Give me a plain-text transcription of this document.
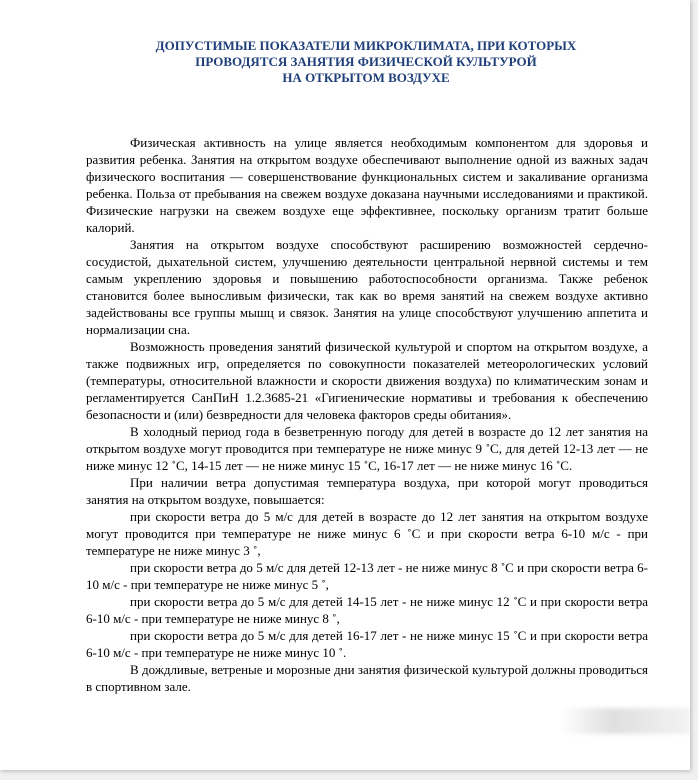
ДОПУСТИМЫЕ ПОКАЗАТЕЛИ МИКРОКЛИМАТА, ПРИ КОТОРЫХ
ПРОВОДЯТСЯ ЗАНЯТИЯ ФИЗИЧЕСКОЙ КУЛЬТУРОЙ
НА ОТКРЫТОМ ВОЗДУХЕ

Физическая активность на улице является необходимым компонентом для здоровья и развития ребенка. Занятия на открытом воздухе обеспечивают выполнение одной из важных задач физического воспитания — совершенствование функциональных систем и закаливание организма ребенка. Польза от пребывания на свежем воздухе доказана научными исследованиями и практикой. Физические нагрузки на свежем воздухе еще эффективнее, поскольку организм тратит больше калорий.

Занятия на открытом воздухе способствуют расширению возможностей сердечно-сосудистой, дыхательной систем, улучшению деятельности центральной нервной системы и тем самым укреплению здоровья и повышению работоспособности организма. Также ребенок становится более выносливым физически, так как во время занятий на свежем воздухе активно задействованы все группы мышц и связок. Занятия на улице способствуют улучшению аппетита и нормализации сна.

Возможность проведения занятий физической культурой и спортом на открытом воздухе, а также подвижных игр, определяется по совокупности показателей метеорологических условий (температуры, относительной влажности и скорости движения воздуха) по климатическим зонам и регламентируется СанПиН 1.2.3685-21 «Гигиенические нормативы и требования к обеспечению безопасности и (или) безвредности для человека факторов среды обитания».

В холодный период года в безветренную погоду для детей в возрасте до 12 лет занятия на открытом воздухе могут проводится при температуре не ниже минус 9 ˚С, для детей 12-13 лет — не ниже минус 12 ˚С, 14-15 лет — не ниже минус 15 ˚С, 16-17 лет — не ниже минус 16 ˚С.

При наличии ветра допустимая температура воздуха, при которой могут проводиться занятия на открытом воздухе, повышается:

при скорости ветра до 5 м/с для детей в возрасте до 12 лет занятия на открытом воздухе могут проводится при температуре не ниже минус 6 ˚С и при скорости ветра 6-10 м/с - при температуре не ниже минус 3 ˚,

при скорости ветра до 5 м/с для детей 12-13 лет - не ниже минус 8 ˚С и при скорости ветра 6-10 м/с - при температуре не ниже минус 5 ˚,

при скорости ветра до 5 м/с для детей 14-15 лет - не ниже минус 12 ˚С и при скорости ветра 6-10 м/с - при температуре не ниже минус 8 ˚,

при скорости ветра до 5 м/с для детей 16-17 лет - не ниже минус 15 ˚С и при скорости ветра 6-10 м/с - при температуре не ниже минус 10 ˚.

В дождливые, ветреные и морозные дни занятия физической культурой должны проводиться в спортивном зале.
